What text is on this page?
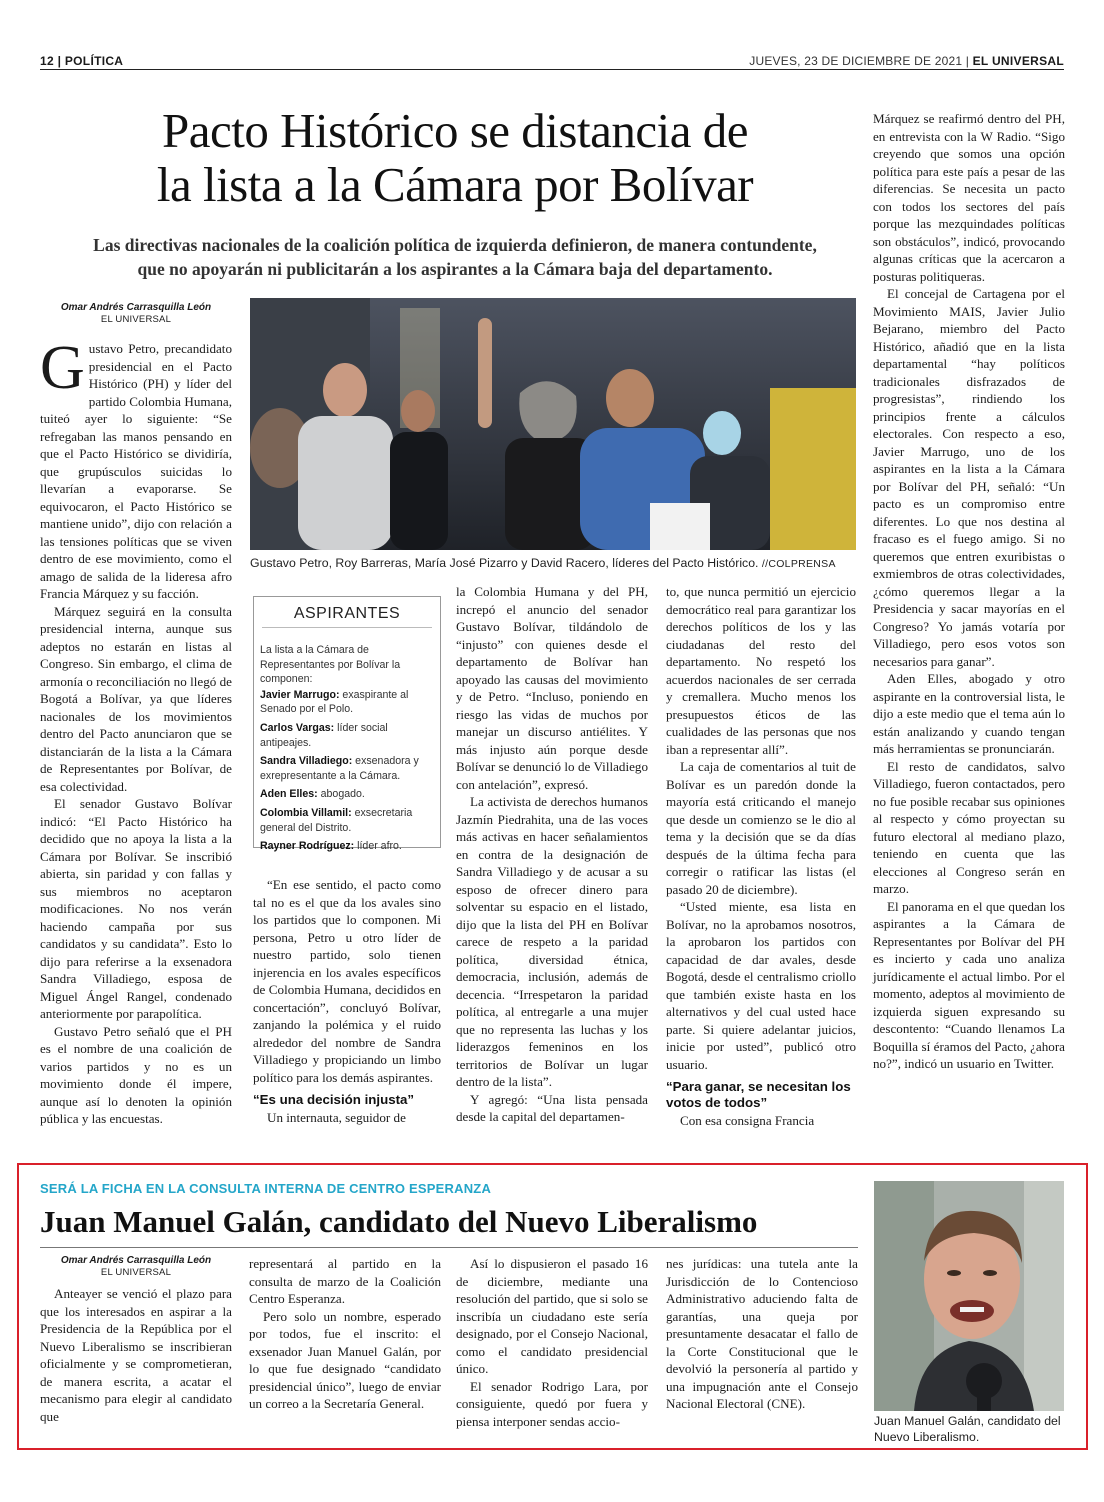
12 | POLÍTICA	JUEVES, 23 DE DICIEMBRE DE 2021 | EL UNIVERSAL
Pacto Histórico se distancia de
la lista a la Cámara por Bolívar
Las directivas nacionales de la coalición política de izquierda definieron, de manera contundente,
que no apoyarán ni publicitarán a los aspirantes a la Cámara baja del departamento.
Omar Andrés Carrasquilla León
EL UNIVERSAL

Gustavo Petro, precandidato presidencial en el Pacto Histórico (PH) y líder del partido Colombia Humana, tuiteó ayer lo siguiente: “Se refregaban las manos pensando en que el Pacto Histórico se dividiría, que grupúsculos suicidas lo llevarían a evaporarse. Se equivocaron, el Pacto Histórico se mantiene unido”, dijo con relación a las tensiones políticas que se viven dentro de ese movimiento, como el amago de salida de la lideresa afro Francia Márquez y su facción.

Márquez seguirá en la consulta presidencial interna, aunque sus adeptos no estarán en listas al Congreso. Sin embargo, el clima de armonía o reconciliación no llegó de Bogotá a Bolívar, ya que líderes nacionales de los movimientos dentro del Pacto anunciaron que se distanciarán de la lista a la Cámara de Representantes por Bolívar, de esa colectividad.

El senador Gustavo Bolívar indicó: “El Pacto Histórico ha decidido que no apoya la lista a la Cámara por Bolívar. Se inscribió abierta, sin paridad y con fallas y sus miembros no aceptaron modificaciones. No nos verán haciendo campaña por sus candidatos y su candidata”. Esto lo dijo para referirse a la exsenadora Sandra Villadiego, esposa de Miguel Ángel Rangel, condenado anteriormente por parapolítica.

Gustavo Petro señaló que el PH es el nombre de una coalición de varios partidos y no es un movimiento donde él impere, aunque así lo denoten la opinión pública y las encuestas.

Gustavo Petro, Roy Barreras, María José Pizarro y David Racero, líderes del Pacto Histórico. //COLPRENSA
ASPIRANTES
La lista a la Cámara de Representantes por Bolívar la componen:
Javier Marrugo: exaspirante al Senado por el Polo.
Carlos Vargas: líder social antipeajes.
Sandra Villadiego: exsenadora y exrepresentante a la Cámara.
Aden Elles: abogado.
Colombia Villamil: exsecretaria general del Distrito.
Rayner Rodríguez: líder afro.

“En ese sentido, el pacto como tal no es el que da los avales sino los partidos que lo componen. Mi persona, Petro u otro líder de nuestro partido, solo tienen injerencia en los avales específicos de Colombia Humana, decididos en concertación”, concluyó Bolívar, zanjando la polémica y el ruido alrededor del nombre de Sandra Villadiego y propiciando un limbo político para los demás aspirantes.

“Es una decisión injusta”

Un internauta, seguidor de

la Colombia Humana y del PH, increpó el anuncio del senador Gustavo Bolívar, tildándolo de “injusto” con quienes desde el departamento de Bolívar han apoyado las causas del movimiento y de Petro. “Incluso, poniendo en riesgo las vidas de muchos por manejar un discurso antiélites. Y más injusto aún porque desde Bolívar se denunció lo de Villadiego con antelación”, expresó.

La activista de derechos humanos Jazmín Piedrahita, una de las voces más activas en hacer señalamientos en contra de la designación de Sandra Villadiego y de acusar a su esposo de ofrecer dinero para solventar su espacio en el listado, dijo que la lista del PH en Bolívar carece de respeto a la paridad política, diversidad étnica, democracia, inclusión, además de decencia. “Irrespetaron la paridad política, al entregarle a una mujer que no representa las luchas y los liderazgos femeninos en los territorios de Bolívar un lugar dentro de la lista”.

Y agregó: “Una lista pensada desde la capital del departamen-

to, que nunca permitió un ejercicio democrático real para garantizar los derechos políticos de los y las ciudadanas del resto del departamento. No respetó los acuerdos nacionales de ser cerrada y cremallera. Mucho menos los presupuestos éticos de las cualidades de las personas que nos iban a representar allí”.

La caja de comentarios al tuit de Bolívar es un paredón donde la mayoría está criticando el manejo que desde un comienzo se le dio al tema y la decisión que se da días después de la última fecha para corregir o ratificar las listas (el pasado 20 de diciembre).

“Usted miente, esa lista en Bolívar, no la aprobamos nosotros, la aprobaron los partidos con capacidad de dar avales, desde Bogotá, desde el centralismo criollo que también existe hasta en los alternativos y del cual usted hace parte. Si quiere adelantar juicios, inicie por usted”, publicó otro usuario.

“Para ganar, se necesitan los votos de todos”

Con esa consigna Francia

Márquez se reafirmó dentro del PH, en entrevista con la W Radio. “Sigo creyendo que somos una opción política para este país a pesar de las diferencias. Se necesita un pacto con todos los sectores del país porque las mezquindades políticas son obstáculos”, indicó, provocando algunas críticas que la acercaron a posturas politiqueras.

El concejal de Cartagena por el Movimiento MAIS, Javier Julio Bejarano, miembro del Pacto Histórico, añadió que en la lista departamental “hay políticos tradicionales disfrazados de progresistas”, rindiendo los principios frente a cálculos electorales. Con respecto a eso, Javier Marrugo, uno de los aspirantes en la lista a la Cámara por Bolívar del PH, señaló: “Un pacto es un compromiso entre diferentes. Lo que nos destina al fracaso es el fuego amigo. Si no queremos que entren exuribistas o exmiembros de otras colectividades, ¿cómo queremos llegar a la Presidencia y sacar mayorías en el Congreso? Yo jamás votaría por Villadiego, pero esos votos son necesarios para ganar”.

Aden Elles, abogado y otro aspirante en la controversial lista, le dijo a este medio que el tema aún lo están analizando y cuando tengan más herramientas se pronunciarán.

El resto de candidatos, salvo Villadiego, fueron contactados, pero no fue posible recabar sus opiniones al respecto y cómo proyectan su futuro electoral al mediano plazo, teniendo en cuenta que las elecciones al Congreso serán en marzo.

El panorama en el que quedan los aspirantes a la Cámara de Representantes por Bolívar del PH es incierto y cada uno analiza jurídicamente el actual limbo. Por el momento, adeptos al movimiento de izquierda siguen expresando su descontento: “Cuando llenamos La Boquilla sí éramos del Pacto, ¿ahora no?”, indicó un usuario en Twitter.

SERÁ LA FICHA EN LA CONSULTA INTERNA DE CENTRO ESPERANZA
Juan Manuel Galán, candidato del Nuevo Liberalismo
Omar Andrés Carrasquilla León
EL UNIVERSAL

Anteayer se venció el plazo para que los interesados en aspirar a la Presidencia de la República por el Nuevo Liberalismo se inscribieran oficialmente y se comprometieran, de manera escrita, a acatar el mecanismo para elegir al candidato que

representará al partido en la consulta de marzo de la Coalición Centro Esperanza.

Pero solo un nombre, esperado por todos, fue el inscrito: el exsenador Juan Manuel Galán, por lo que fue designado “candidato presidencial único”, luego de enviar un correo a la Secretaría General.

Así lo dispusieron el pasado 16 de diciembre, mediante una resolución del partido, que si solo se inscribía un ciudadano este sería designado, por el Consejo Nacional, como el candidato presidencial único.

El senador Rodrigo Lara, por consiguiente, quedó por fuera y piensa interponer sendas accio-

nes jurídicas: una tutela ante la Jurisdicción de lo Contencioso Administrativo aduciendo falta de garantías, una queja por presuntamente desacatar el fallo de la Corte Constitucional que le devolvió la personería al partido y una impugnación ante el Consejo Nacional Electoral (CNE).

Juan Manuel Galán, candidato del Nuevo Liberalismo.
